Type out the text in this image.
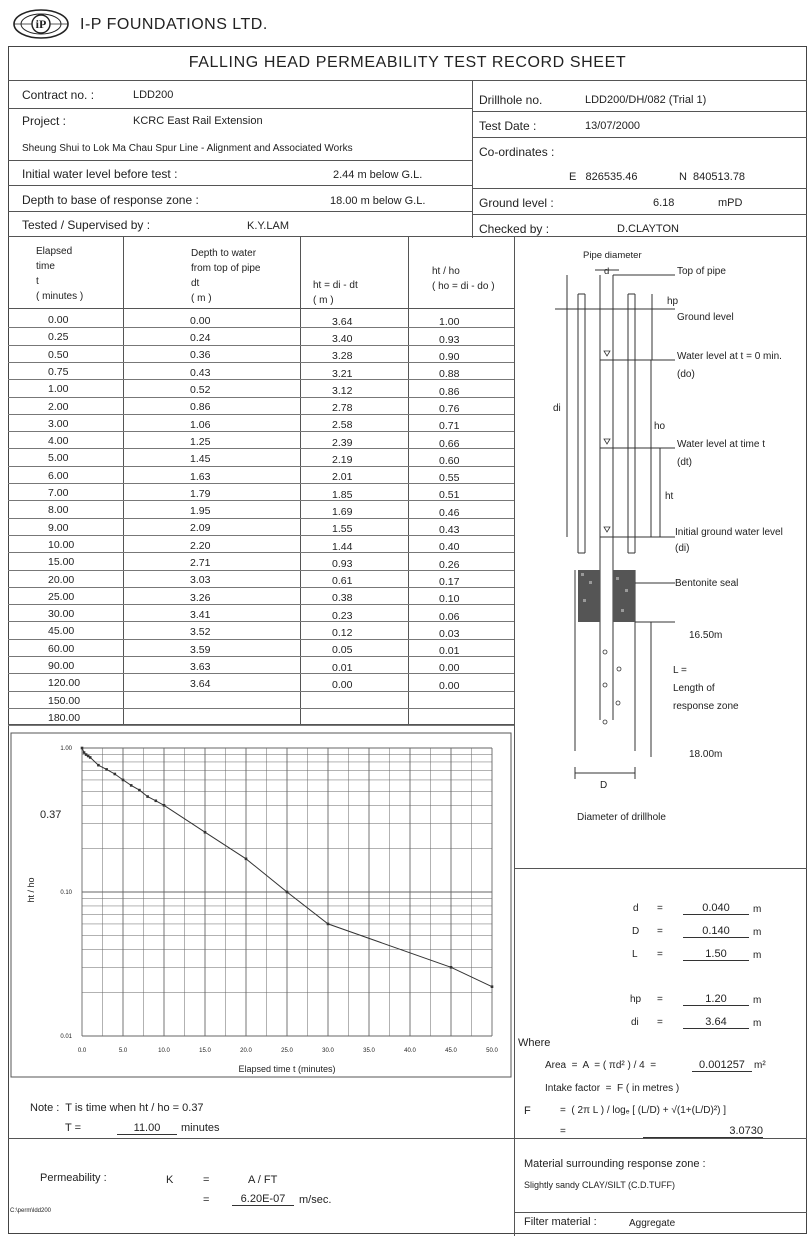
iP I-P FOUNDATIONS LTD.
FALLING HEAD PERMEABILITY TEST RECORD SHEET
Contract no. :	LDD200
Project :	KCRC East Rail Extension
Sheung Shui to Lok Ma Chau Spur Line - Alignment and Associated Works
Initial water level before test :	2.44 m below G.L.
Depth to base of response zone :	18.00 m below G.L.
Tested / Supervised by :	K.Y.LAM
Drillhole no.	LDD200/DH/082 (Trial 1)
Test Date :	13/07/2000
Co-ordinates :
E   826535.46	N  840513.78
Ground level :	6.18	mPD
Checked by :	D.CLAYTON
Elapsed
time
t
( minutes )
Depth to water
from top of pipe
dt
( m )
ht = di - dt
( m )
ht / ho
( ho = di - do )
0.00	0.00	3.64	1.00
0.25	0.24	3.40	0.93
0.50	0.36	3.28	0.90
0.75	0.43	3.21	0.88
1.00	0.52	3.12	0.86
2.00	0.86	2.78	0.76
3.00	1.06	2.58	0.71
4.00	1.25	2.39	0.66
5.00	1.45	2.19	0.60
6.00	1.63	2.01	0.55
7.00	1.79	1.85	0.51
8.00	1.95	1.69	0.46
9.00	2.09	1.55	0.43
10.00	2.20	1.44	0.40
15.00	2.71	0.93	0.26
20.00	3.03	0.61	0.17
25.00	3.26	0.38	0.10
30.00	3.41	0.23	0.06
45.00	3.52	0.12	0.03
60.00	3.59	0.05	0.01
90.00	3.63	0.01	0.00
120.00	3.64	0.00	0.00
150.00
180.00
0.0	5.0	10.0	15.0	20.0	25.0	30.0	35.0	40.0	45.0	50.0
1.00
0.10
0.01
0.37
Elapsed time t (minutes)
ht / ho
Note :  T is time when ht / ho = 0.37
T =	11.00	minutes
Permeability :	K	=	A / FT
=	6.20E-07	m/sec.
C:\perm\ldd200
Material surrounding response zone :
Slightly sandy CLAY/SILT (C.D.TUFF)
Filter material :	Aggregate
Pipe diameter
d	Top of pipe
hp
Ground level
di
Water level at t = 0 min.
(do)
ho
Water level at time t
(dt)
ht
Initial ground water level
(di)
Bentonite seal
16.50m
L =
Length of
response zone
18.00m
D
Diameter of drillhole
d =	0.040	m
D =	0.140	m
L =	1.50	m
hp =	1.20	m
di =	3.64	m
Where
Area  =  A  = ( πd² ) / 4  =	0.001257 m²
Intake factor  =  F ( in metres )
F	=  ( 2π L ) / logₑ [ (L/D) + √(1+(L/D)²) ]
=	3.0730
